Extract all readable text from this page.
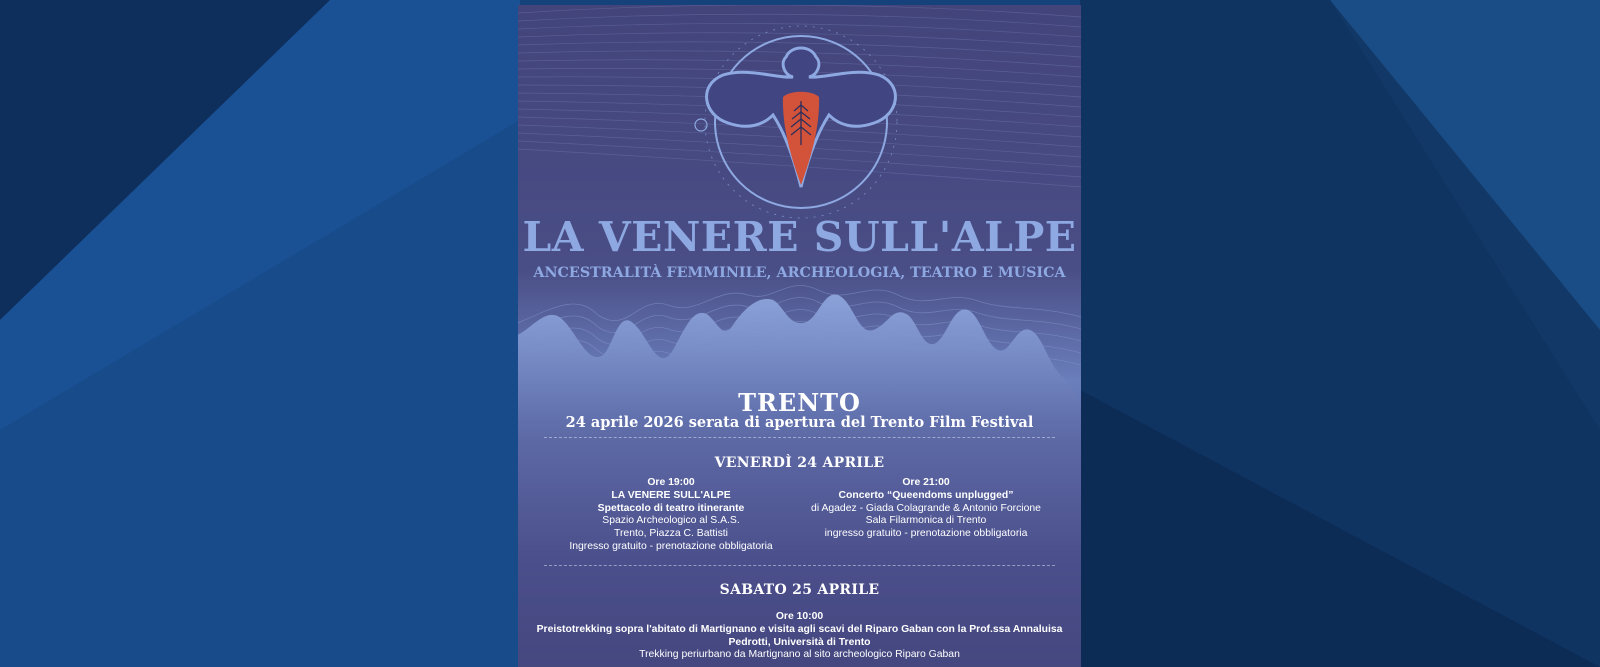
LA VENERE SULL'ALPE

ANCESTRALITÀ FEMMINILE, ARCHEOLOGIA, TEATRO E MUSICA

TRENTO

24 aprile 2026 serata di apertura del Trento Film Festival

VENERDÌ 24 APRILE

Ore 19:00
LA VENERE SULL'ALPE
Spettacolo di teatro itinerante
Spazio Archeologico al S.A.S.
Trento, Piazza C. Battisti
Ingresso gratuito - prenotazione obbligatoria
Ore 21:00
Concerto “Queendoms unplugged”
di Agadez - Giada Colagrande & Antonio Forcione
Sala Filarmonica di Trento
ingresso gratuito - prenotazione obbligatoria

SABATO 25 APRILE

Ore 10:00
Preistotrekking sopra l'abitato di Martignano e visita agli scavi del Riparo Gaban con la Prof.ssa Annaluisa
Pedrotti, Università di Trento
Trekking periurbano da Martignano al sito archeologico Riparo Gaban
